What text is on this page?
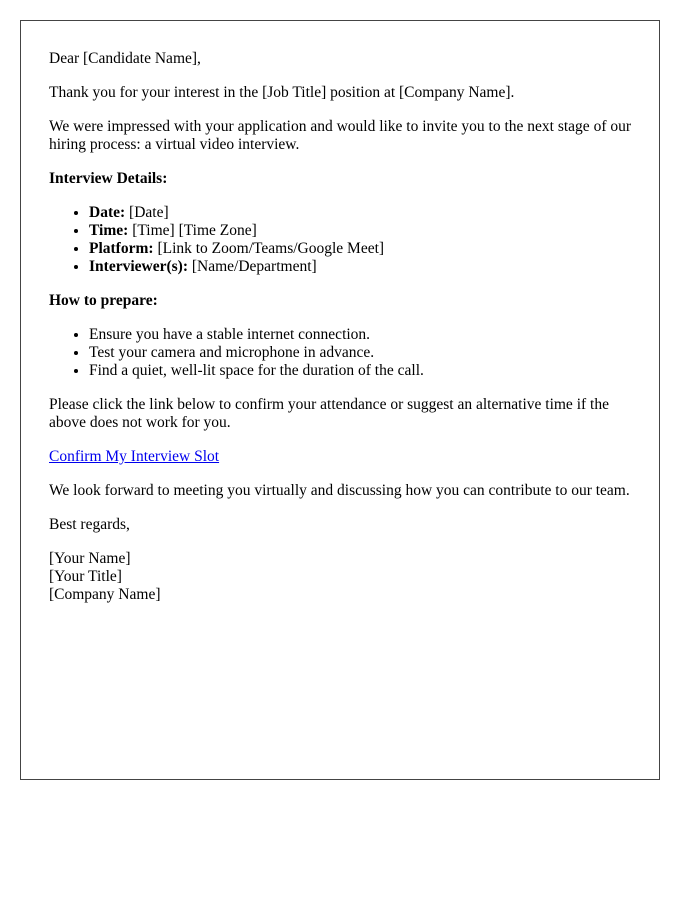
Dear [Candidate Name],

Thank you for your interest in the [Job Title] position at [Company Name].

We were impressed with your application and would like to invite you to the next stage of our hiring process: a virtual video interview.

Interview Details:
• Date: [Date]
• Time: [Time] [Time Zone]
• Platform: [Link to Zoom/Teams/Google Meet]
• Interviewer(s): [Name/Department]
How to prepare:
• Ensure you have a stable internet connection.
• Test your camera and microphone in advance.
• Find a quiet, well-lit space for the duration of the call.

Please click the link below to confirm your attendance or suggest an alternative time if the above does not work for you.

Confirm My Interview Slot

We look forward to meeting you virtually and discussing how you can contribute to our team.

Best regards,

[Your Name]
[Your Title]
[Company Name]
